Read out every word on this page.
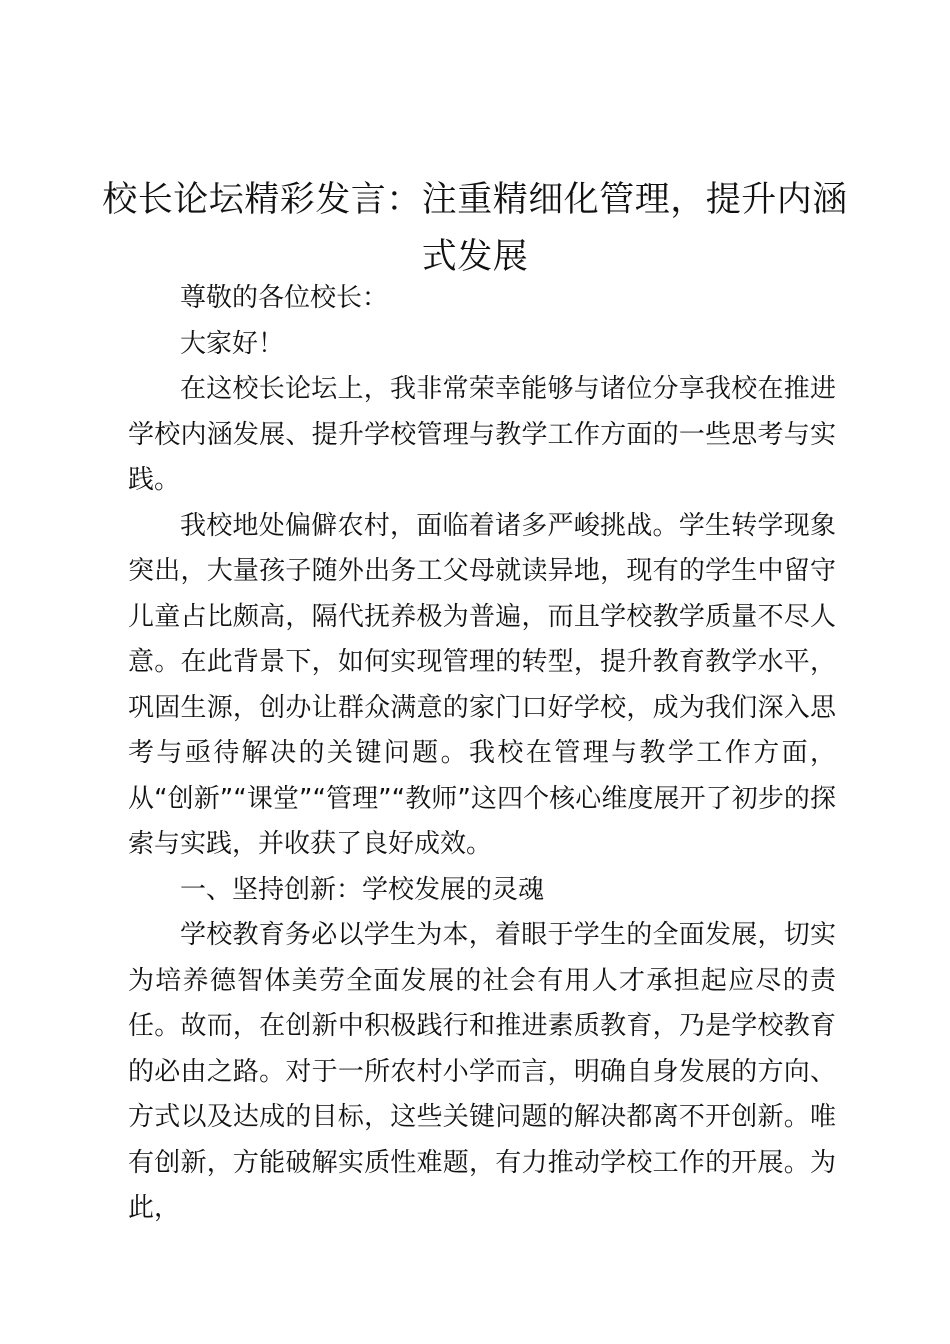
校长论坛精彩发言：注重精细化管理，提升内涵式发展

尊敬的各位校长：

大家好！

在这校长论坛上，我非常荣幸能够与诸位分享我校在推进学校内涵发展、提升学校管理与教学工作方面的一些思考与实践。

我校地处偏僻农村，面临着诸多严峻挑战。学生转学现象突出，大量孩子随外出务工父母就读异地，现有的学生中留守儿童占比颇高，隔代抚养极为普遍，而且学校教学质量不尽人意。在此背景下，如何实现管理的转型，提升教育教学水平，巩固生源，创办让群众满意的家门口好学校，成为我们深入思考与亟待解决的关键问题。我校在管理与教学工作方面，从“创新”“课堂”“管理”“教师”这四个核心维度展开了初步的探索与实践，并收获了良好成效。

一、坚持创新：学校发展的灵魂

学校教育务必以学生为本，着眼于学生的全面发展，切实为培养德智体美劳全面发展的社会有用人才承担起应尽的责任。故而，在创新中积极践行和推进素质教育，乃是学校教育的必由之路。对于一所农村小学而言，明确自身发展的方向、方式以及达成的目标，这些关键问题的解决都离不开创新。唯有创新，方能破解实质性难题，有力推动学校工作的开展。为此，
